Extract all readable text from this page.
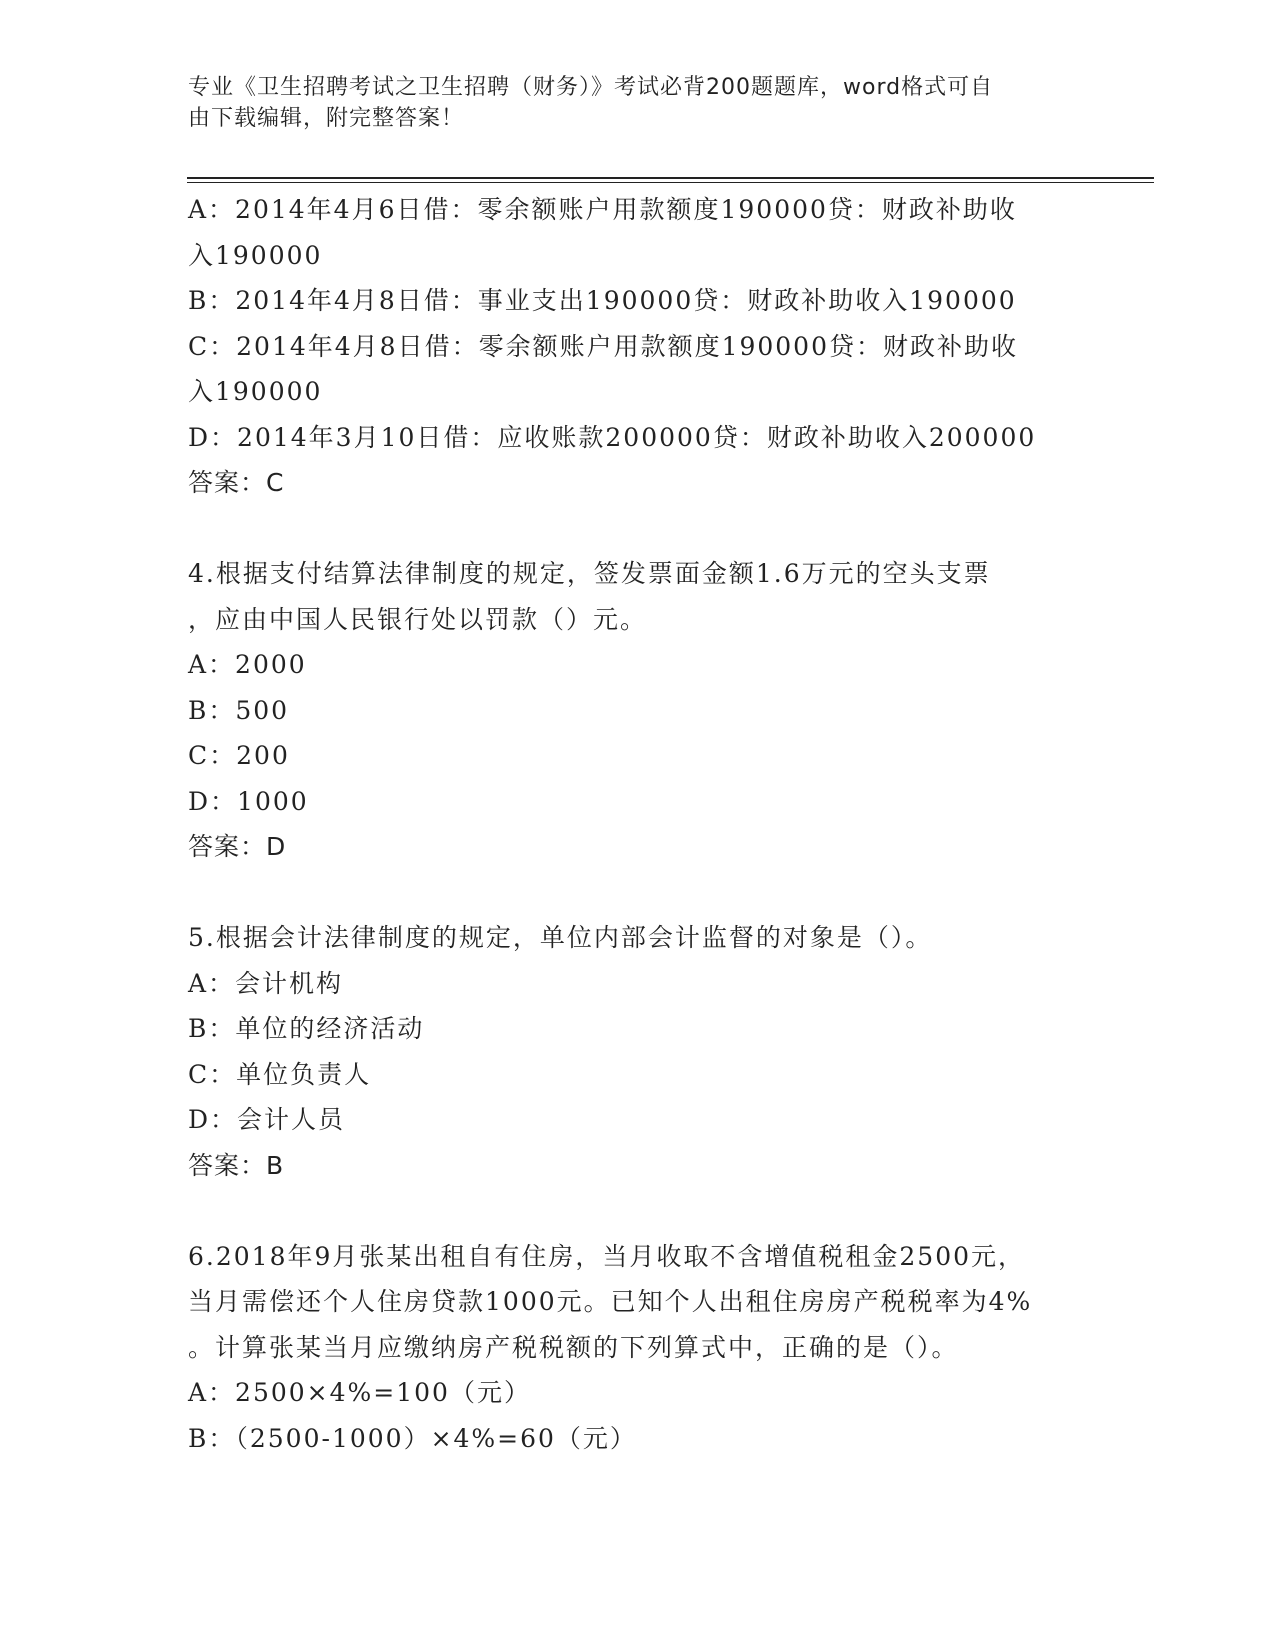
专业《卫生招聘考试之卫生招聘（财务）》考试必背200题题库，word格式可自
由下载编辑，附完整答案！
A：2014年4月6日借：零余额账户用款额度190000贷：财政补助收
入190000
B：2014年4月8日借：事业支出190000贷：财政补助收入190000
C：2014年4月8日借：零余额账户用款额度190000贷：财政补助收
入190000
D：2014年3月10日借：应收账款200000贷：财政补助收入200000
答案：C
4.根据支付结算法律制度的规定，签发票面金额1.6万元的空头支票
，应由中国人民银行处以罚款（）元。
A：2000
B：500
C：200
D：1000
答案：D
5.根据会计法律制度的规定，单位内部会计监督的对象是（）。
A：会计机构
B：单位的经济活动
C：单位负责人
D：会计人员
答案：B
6.2018年9月张某出租自有住房，当月收取不含增值税租金2500元，
当月需偿还个人住房贷款1000元。已知个人出租住房房产税税率为4%
。计算张某当月应缴纳房产税税额的下列算式中，正确的是（）。
A：2500×4%=100（元）
B：（2500-1000）×4%=60（元）
